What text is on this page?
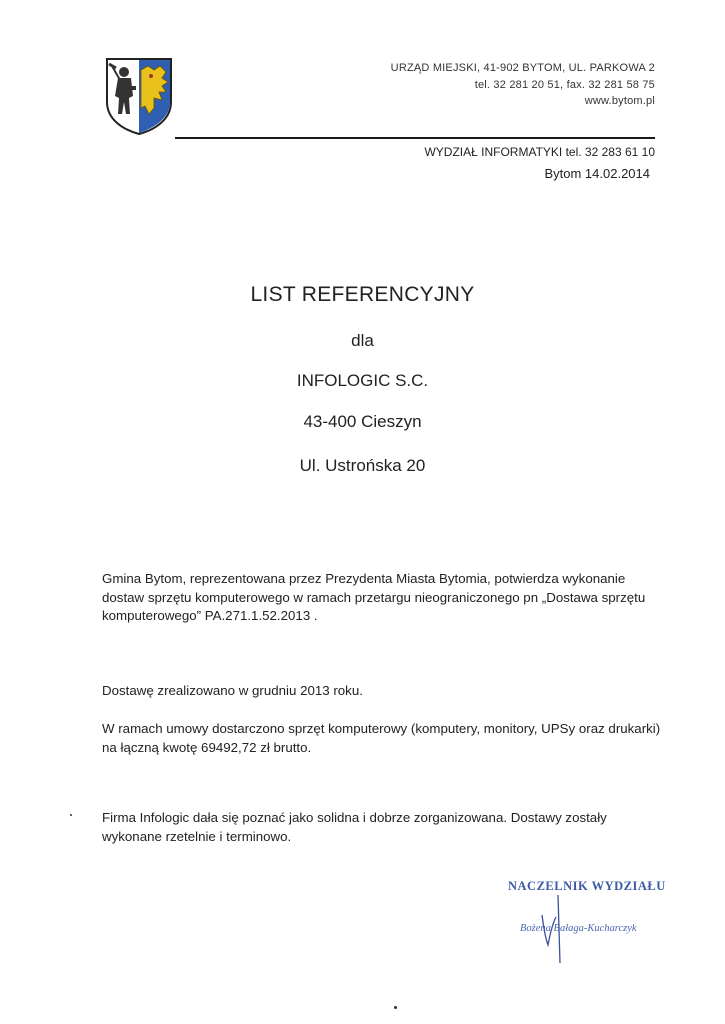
URZĄD MIEJSKI, 41-902 BYTOM, UL. PARKOWA 2
tel. 32 281 20 51, fax. 32 281 58 75
www.bytom.pl
WYDZIAŁ INFORMATYKI tel. 32 283 61 10
Bytom 14.02.2014
LIST REFERENCYJNY
dla
INFOLOGIC S.C.
43-400 Cieszyn
Ul. Ustrońska 20
Gmina Bytom, reprezentowana przez Prezydenta Miasta Bytomia, potwierdza wykonanie dostaw sprzętu komputerowego w ramach przetargu nieograniczonego pn „Dostawa sprzętu komputerowego” PA.271.1.52.2013 .
Dostawę zrealizowano w grudniu 2013 roku.
W ramach umowy dostarczono sprzęt komputerowy (komputery, monitory, UPSy oraz drukarki) na łączną kwotę 69492,72 zł brutto.
Firma Infologic dała się poznać jako solidna i dobrze zorganizowana. Dostawy zostały wykonane rzetelnie i terminowo.
NACZELNIK WYDZIAŁU
Bożena Bałaga-Kucharczyk
